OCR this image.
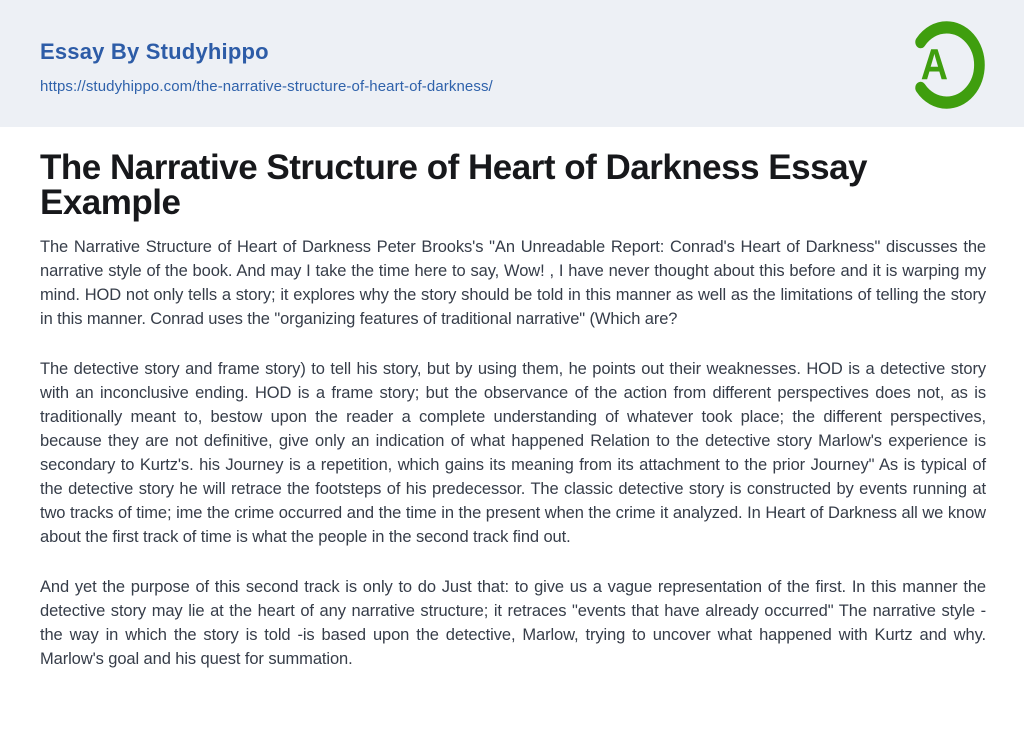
Essay By Studyhippo
https://studyhippo.com/the-narrative-structure-of-heart-of-darkness/	A
The Narrative Structure of Heart of Darkness Essay Example

The Narrative Structure of Heart of Darkness Peter Brooks's "An Unreadable Report: Conrad's Heart of Darkness" discusses the narrative style of the book. And may I take the time here to say, Wow! , I have never thought about this before and it is warping my mind. HOD not only tells a story; it explores why the story should be told in this manner as well as the limitations of telling the story in this manner. Conrad uses the "organizing features of traditional narrative" (Which are?

The detective story and frame story) to tell his story, but by using them, he points out their weaknesses. HOD is a detective story with an inconclusive ending. HOD is a frame story; but the observance of the action from different perspectives does not, as is traditionally meant to, bestow upon the reader a complete understanding of whatever took place; the different perspectives, because they are not definitive, give only an indication of what happened Relation to the detective story Marlow's experience is secondary to Kurtz's. his Journey is a repetition, which gains its meaning from its attachment to the prior Journey" As is typical of the detective story he will retrace the footsteps of his predecessor. The classic detective story is constructed by events running at two tracks of time; ime the crime occurred and the time in the present when the crime it analyzed. In Heart of Darkness all we know about the first track of time is what the people in the second track find out.

And yet the purpose of this second track is only to do Just that: to give us a vague representation of the first. In this manner the detective story may lie at the heart of any narrative structure; it retraces "events that have already occurred" The narrative style - the way in which the story is told -is based upon the detective, Marlow, trying to uncover what happened with Kurtz and why. Marlow's goal and his quest for summation.
